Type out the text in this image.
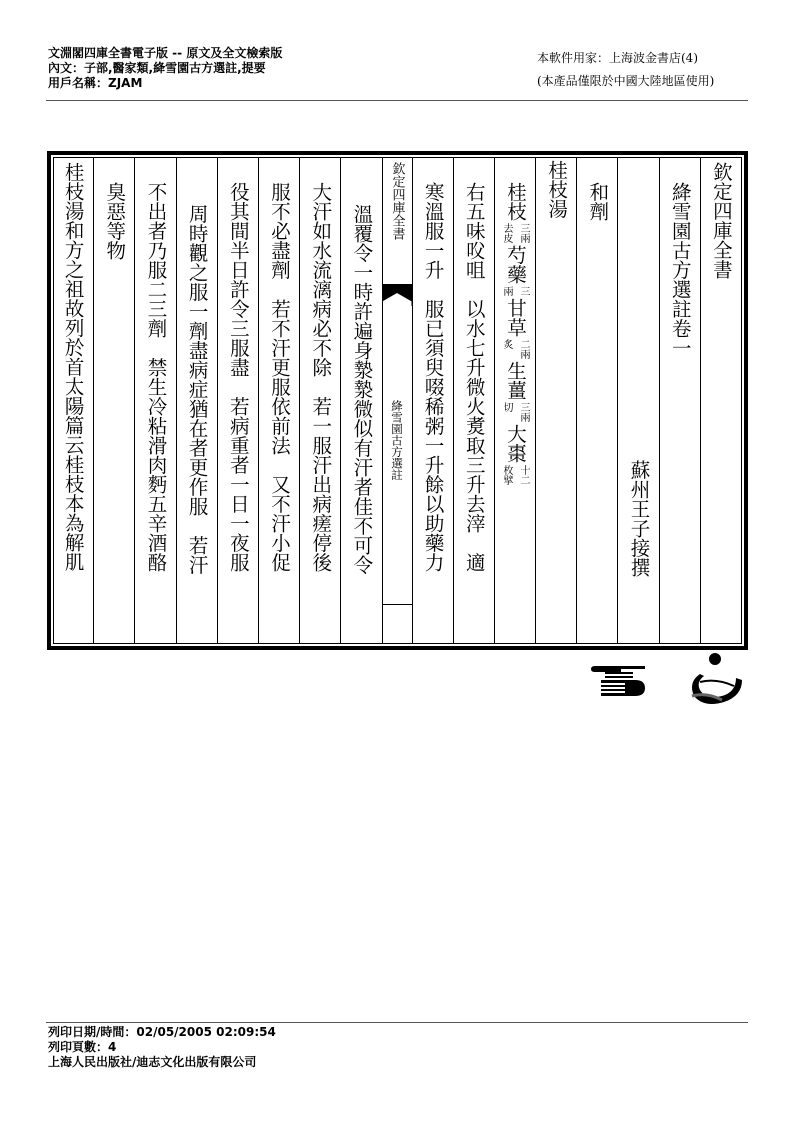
文淵閣四庫全書電子版 -- 原文及全文檢索版
內文：子部,醫家類,絳雪園古方選註,提要
用戶名稱：ZJAM
本軟件用家：上海波金書店(4)
(本產品僅限於中國大陸地區使用)
欽定四庫全書
絳雪園古方選註卷一
蘇州王子接撰
和劑
桂枝湯
桂枝
三兩
去皮
芍藥
三
兩
甘草
二兩
炙
生薑
三兩
切
大棗
十二
枚擘
右五味㕮咀　以水七升微火煑取三升去滓　適
寒溫服一升　服已須臾啜稀粥一升餘以助藥力
欽定四庫全書
絳雪園古方選註
溫覆令一時許遍身漐漐微似有汗者佳不可令
大汗如水流漓病必不除　若一服汗出病瘥停後
服不必盡劑　若不汗更服依前法　又不汗小促
役其間半日許令三服盡　若病重者一日一夜服
周時觀之服一劑盡病症猶在者更作服　若汗
不出者乃服二三劑　禁生冷粘滑肉麪五辛酒酪
臭惡等物
桂枝湯和方之祖故列於首太陽篇云桂枝本為解肌
列印日期/時間：02/05/2005 02:09:54
列印頁數：4
上海人民出版社/迪志文化出版有限公司
